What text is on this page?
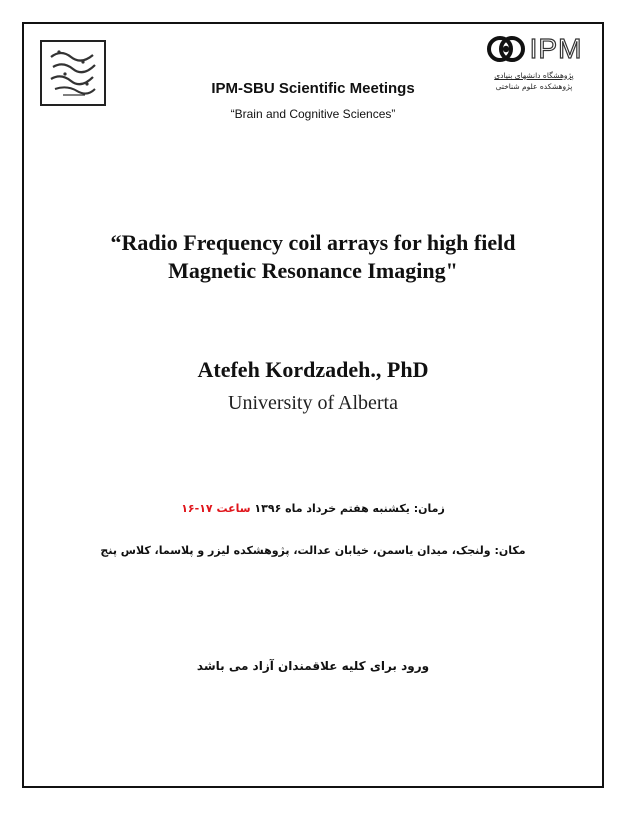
IPM
پژوهشگاه دانشهای بنیادی
پژوهشکده علوم شناختی
IPM-SBU Scientific Meetings
“Brain and Cognitive Sciences”
“Radio Frequency coil arrays for high field
Magnetic Resonance Imaging"
Atefeh Kordzadeh., PhD
University of Alberta
زمان: یکشنبه هفتم خرداد ماه ۱۳۹۶ ساعت ۱۷-۱۶
مکان: ولنجک، میدان یاسمن، خیابان عدالت، پژوهشکده لیزر و پلاسما، کلاس پنج
ورود برای کلیه علاقمندان آزاد می باشد
